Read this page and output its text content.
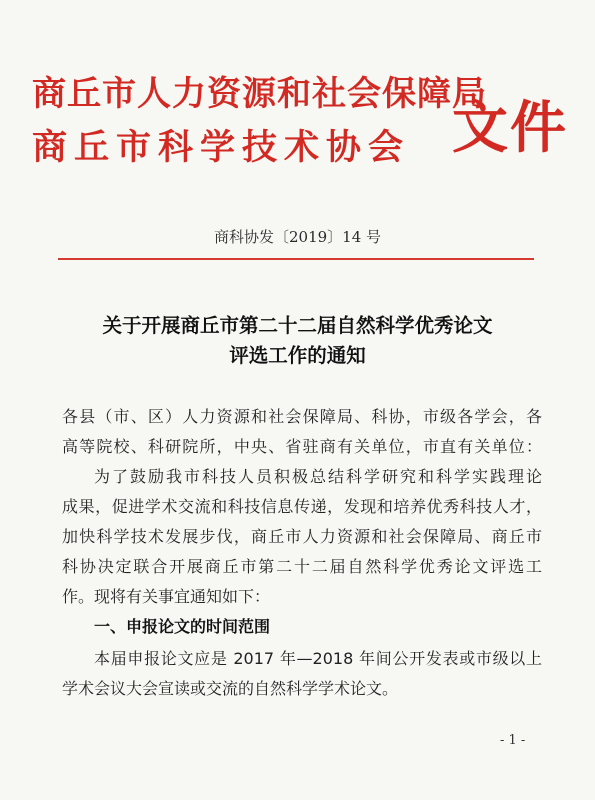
商丘市人力资源和社会保障局
商丘市科学技术协会 文件

商科协发〔2019〕14 号
关于开展商丘市第二十二届自然科学优秀论文
评选工作的通知
各县（市、区）人力资源和社会保障局、科协，市级各学会，各
高等院校、科研院所，中央、省驻商有关单位，市直有关单位：
为了鼓励我市科技人员积极总结科学研究和科学实践理论
成果，促进学术交流和科技信息传递，发现和培养优秀科技人才，
加快科学技术发展步伐，商丘市人力资源和社会保障局、商丘市
科协决定联合开展商丘市第二十二届自然科学优秀论文评选工
作。现将有关事宜通知如下：
一、申报论文的时间范围
本届申报论文应是 2017 年—2018 年间公开发表或市级以上
学术会议大会宣读或交流的自然科学学术论文。
- 1 -
